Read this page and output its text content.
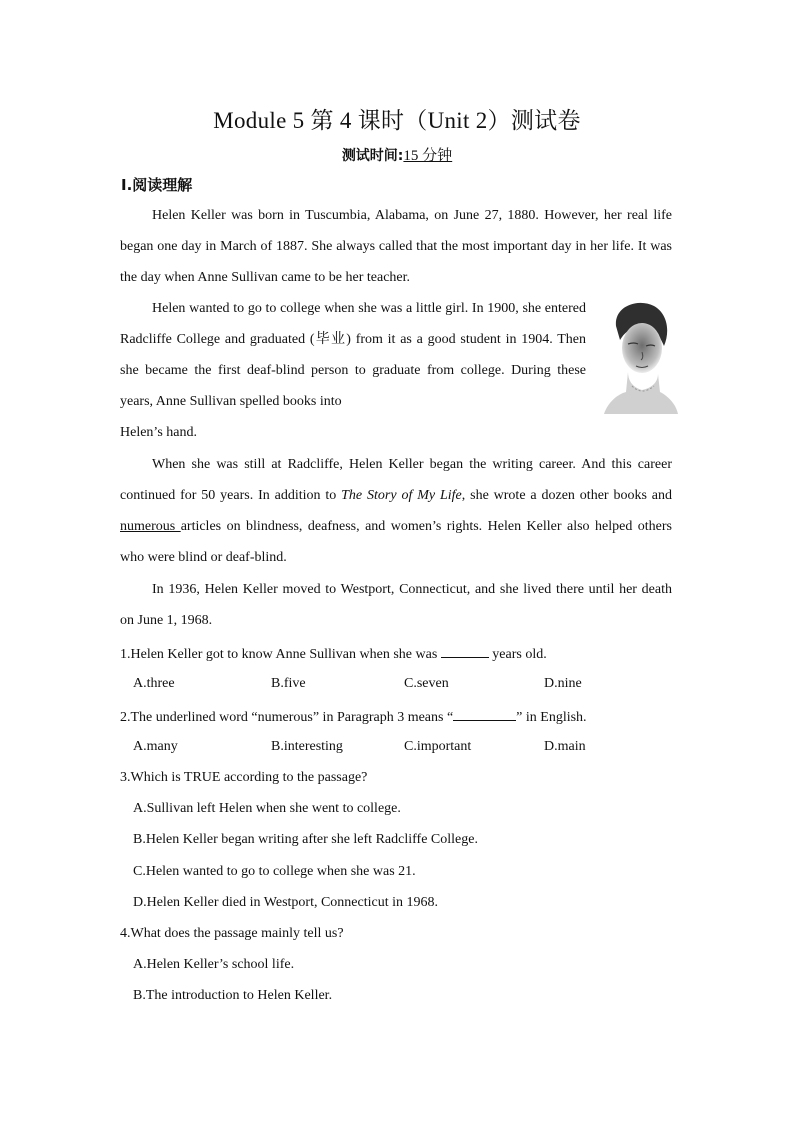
Module 5 第 4 课时（Unit 2）测试卷
测试时间:15 分钟
Ⅰ.阅读理解

Helen Keller was born in Tuscumbia, Alabama, on June 27, 1880. However, her real life began one day in March of 1887. She always called that the most important day in her life. It was the day when Anne Sullivan came to be her teacher.

Helen wanted to go to college when she was a little girl. In 1900, she entered Radcliffe College and graduated (毕业) from it as a good student in 1904. Then she became the first deaf-blind person to graduate from college. During these years, Anne Sullivan spelled books into

Helen’s hand.

When she was still at Radcliffe, Helen Keller began the writing career. And this career continued for 50 years. In addition to The Story of My Life, she wrote a dozen other books and numerous articles on blindness, deafness, and women’s rights. Helen Keller also helped others who were blind or deaf-blind.

In 1936, Helen Keller moved to Westport, Connecticut, and she lived there until her death on June 1, 1968.

1.Helen Keller got to know Anne Sullivan when she was	years old.

A.three	B.five	C.seven	D.nine

2.The underlined word “numerous” in Paragraph 3 means “	” in English.

A.many	B.interesting	C.important	D.main

3.Which is TRUE according to the passage?

A.Sullivan left Helen when she went to college.

B.Helen Keller began writing after she left Radcliffe College.

C.Helen wanted to go to college when she was 21.

D.Helen Keller died in Westport, Connecticut in 1968.

4.What does the passage mainly tell us?

A.Helen Keller’s school life.

B.The introduction to Helen Keller.
